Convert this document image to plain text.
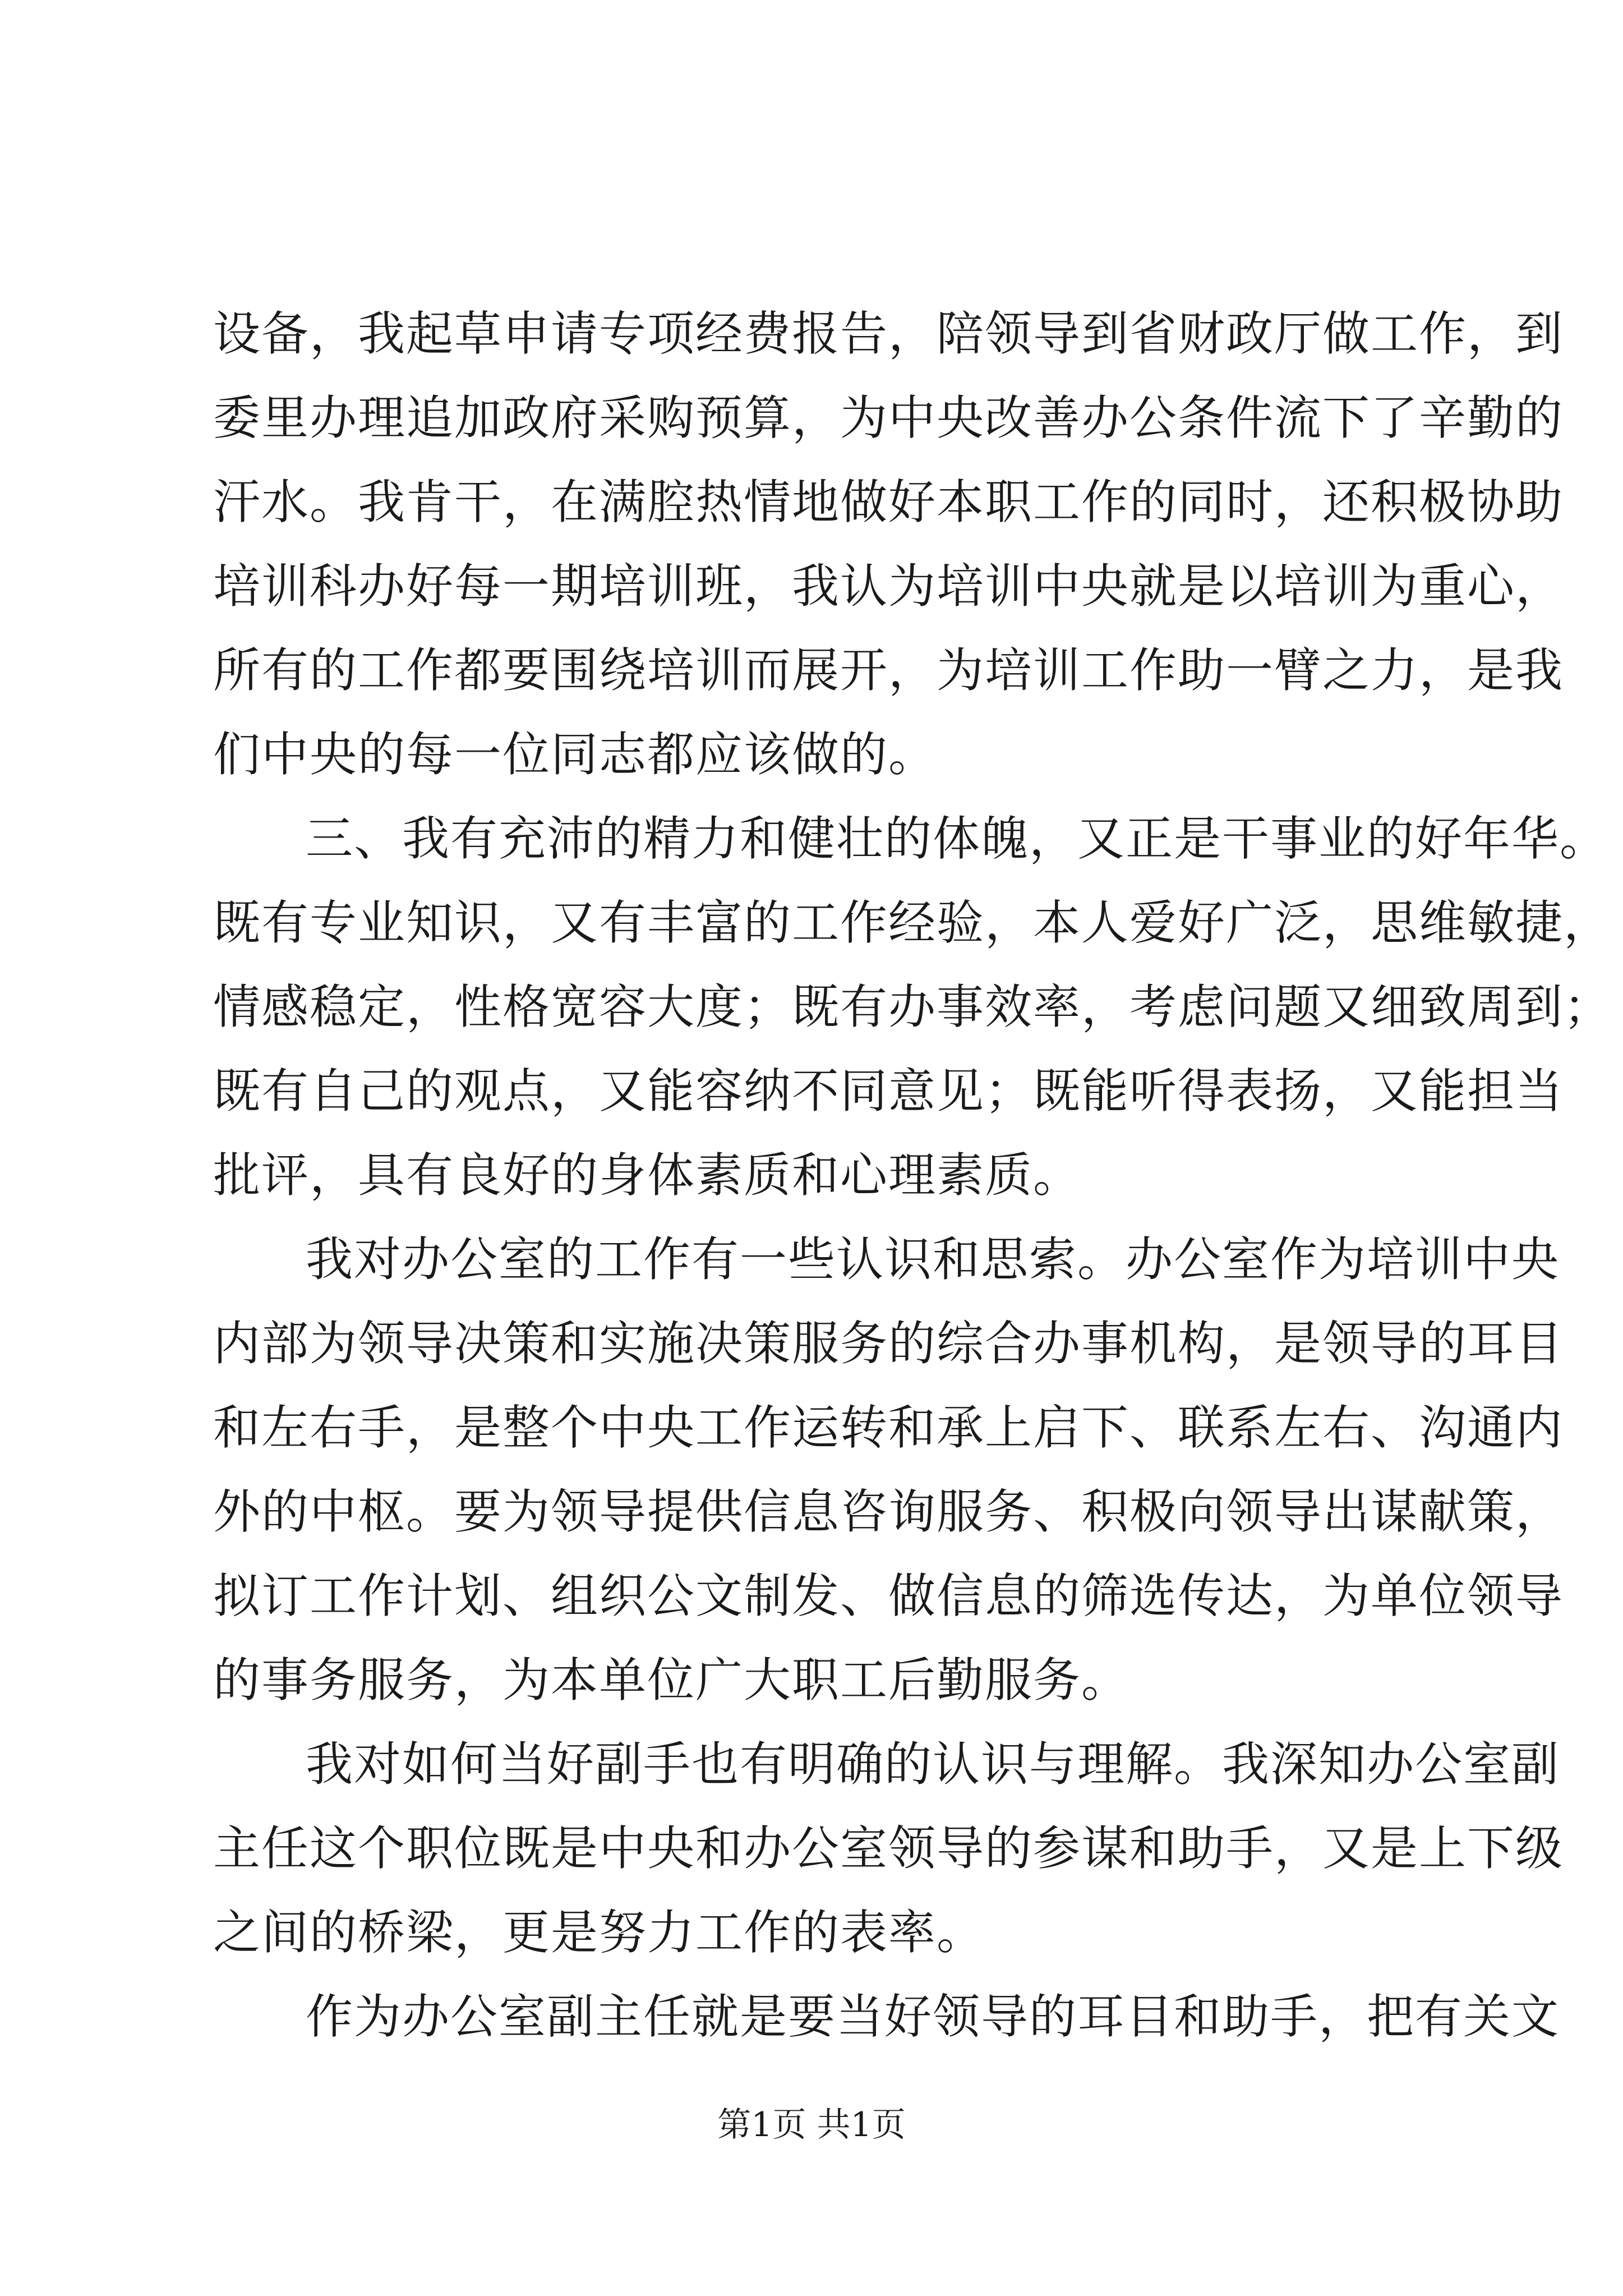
设备，我起草申请专项经费报告，陪领导到省财政厅做工作，到
委里办理追加政府采购预算，为中央改善办公条件流下了辛勤的
汗水。我肯干，在满腔热情地做好本职工作的同时，还积极协助
培训科办好每一期培训班，我认为培训中央就是以培训为重心，
所有的工作都要围绕培训而展开，为培训工作助一臂之力，是我
们中央的每一位同志都应该做的。
三、我有充沛的精力和健壮的体魄，又正是干事业的好年华。
既有专业知识，又有丰富的工作经验，本人爱好广泛，思维敏捷，
情感稳定，性格宽容大度；既有办事效率，考虑问题又细致周到；
既有自己的观点，又能容纳不同意见；既能听得表扬，又能担当
批评，具有良好的身体素质和心理素质。
我对办公室的工作有一些认识和思索。办公室作为培训中央
内部为领导决策和实施决策服务的综合办事机构，是领导的耳目
和左右手，是整个中央工作运转和承上启下、联系左右、沟通内
外的中枢。要为领导提供信息咨询服务、积极向领导出谋献策，
拟订工作计划、组织公文制发、做信息的筛选传达，为单位领导
的事务服务，为本单位广大职工后勤服务。
我对如何当好副手也有明确的认识与理解。我深知办公室副
主任这个职位既是中央和办公室领导的参谋和助手，又是上下级
之间的桥梁，更是努力工作的表率。
作为办公室副主任就是要当好领导的耳目和助手，把有关文
第1页 共1页
